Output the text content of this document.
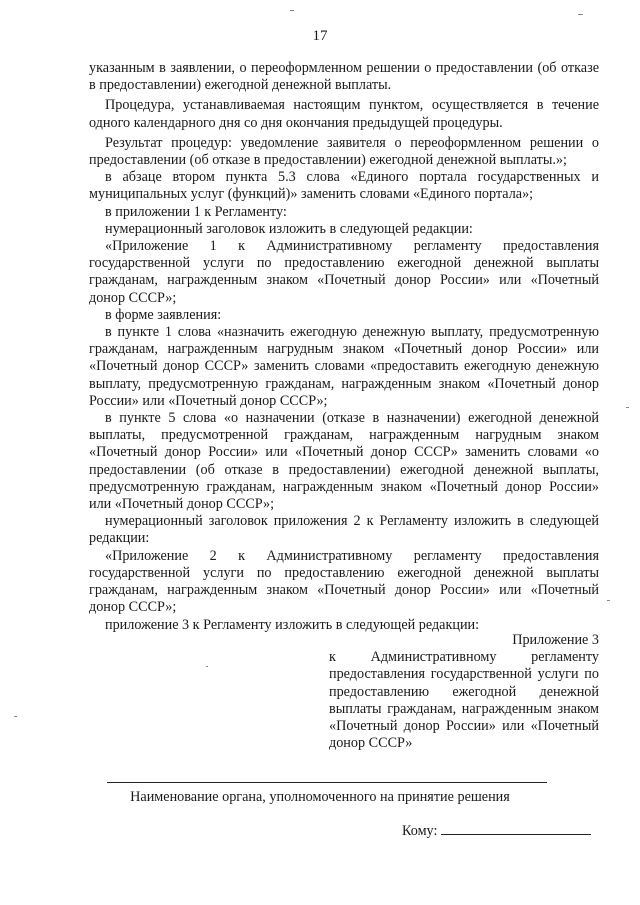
17

указанным в заявлении, о переоформленном решении о предоставлении (об отказе в предоставлении) ежегодной денежной выплаты.

Процедура, устанавливаемая настоящим пунктом, осуществляется в течение одного календарного дня со дня окончания предыдущей процедуры.

Результат процедур: уведомление заявителя о переоформленном решении о предоставлении (об отказе в предоставлении) ежегодной денежной выплаты.»;

в абзаце втором пункта 5.3 слова «Единого портала государственных и муниципальных услуг (функций)» заменить словами «Единого портала»;

в приложении 1 к Регламенту:

нумерационный заголовок изложить в следующей редакции:

«Приложение 1 к Административному регламенту предоставления государственной услуги по предоставлению ежегодной денежной выплаты гражданам, награжденным знаком «Почетный донор России» или «Почетный донор СССР»;

в форме заявления:

в пункте 1 слова «назначить ежегодную денежную выплату, предусмотренную гражданам, награжденным нагрудным знаком «Почетный донор России» или «Почетный донор СССР» заменить словами «предоставить ежегодную денежную выплату, предусмотренную гражданам, награжденным знаком «Почетный донор России» или «Почетный донор СССР»;

в пункте 5 слова «о назначении (отказе в назначении) ежегодной денежной выплаты, предусмотренной гражданам, награжденным нагрудным знаком «Почетный донор России» или «Почетный донор СССР» заменить словами «о предоставлении (об отказе в предоставлении) ежегодной денежной выплаты, предусмотренную гражданам, награжденным знаком «Почетный донор России» или «Почетный донор СССР»;

нумерационный заголовок приложения 2 к Регламенту изложить в следующей редакции:

«Приложение 2 к Административному регламенту предоставления государственной услуги по предоставлению ежегодной денежной выплаты гражданам, награжденным знаком «Почетный донор России» или «Почетный донор СССР»;

приложение 3 к Регламенту изложить в следующей редакции:

Приложение 3

к Административному регламенту предоставления государственной услуги по предоставлению ежегодной денежной выплаты гражданам, награжденным знаком «Почетный донор России» или «Почетный донор СССР»

Наименование органа, уполномоченного на принятие решения
Кому:
